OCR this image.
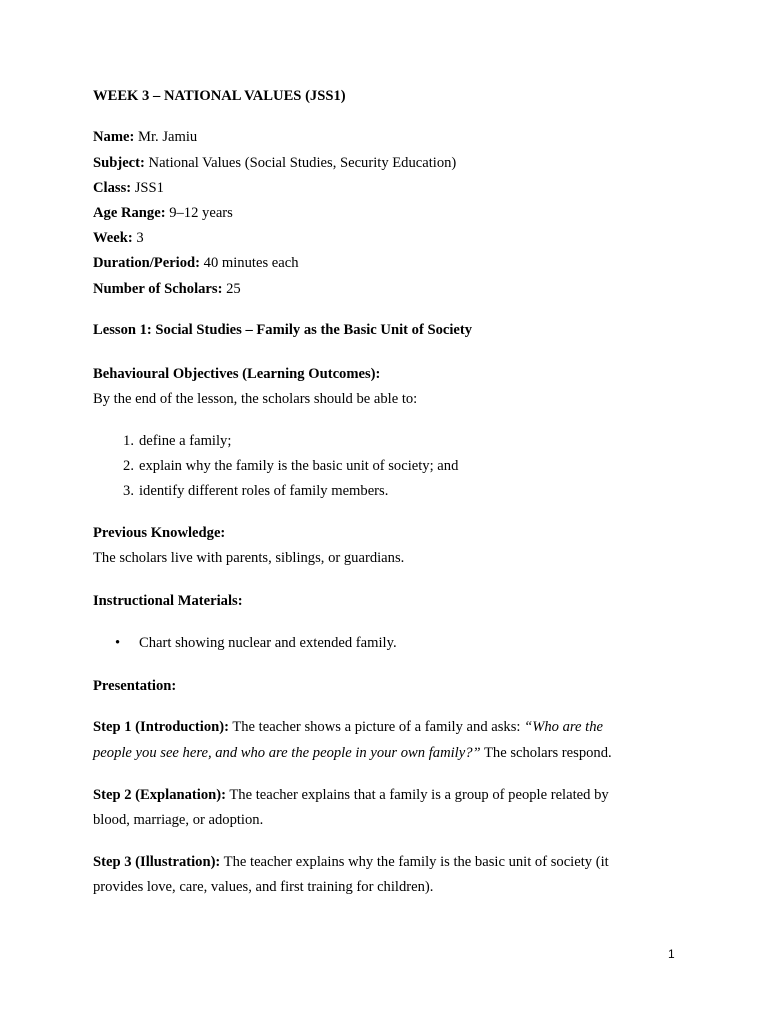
WEEK 3 – NATIONAL VALUES (JSS1)
Name: Mr. Jamiu
Subject: National Values (Social Studies, Security Education)
Class: JSS1
Age Range: 9–12 years
Week: 3
Duration/Period: 40 minutes each
Number of Scholars: 25
Lesson 1: Social Studies – Family as the Basic Unit of Society
Behavioural Objectives (Learning Outcomes):
By the end of the lesson, the scholars should be able to:
1. define a family;
2. explain why the family is the basic unit of society; and
3. identify different roles of family members.
Previous Knowledge:
The scholars live with parents, siblings, or guardians.
Instructional Materials:
• Chart showing nuclear and extended family.
Presentation:
Step 1 (Introduction): The teacher shows a picture of a family and asks: “Who are the
people you see here, and who are the people in your own family?” The scholars respond.
Step 2 (Explanation): The teacher explains that a family is a group of people related by
blood, marriage, or adoption.
Step 3 (Illustration): The teacher explains why the family is the basic unit of society (it
provides love, care, values, and first training for children).
1
